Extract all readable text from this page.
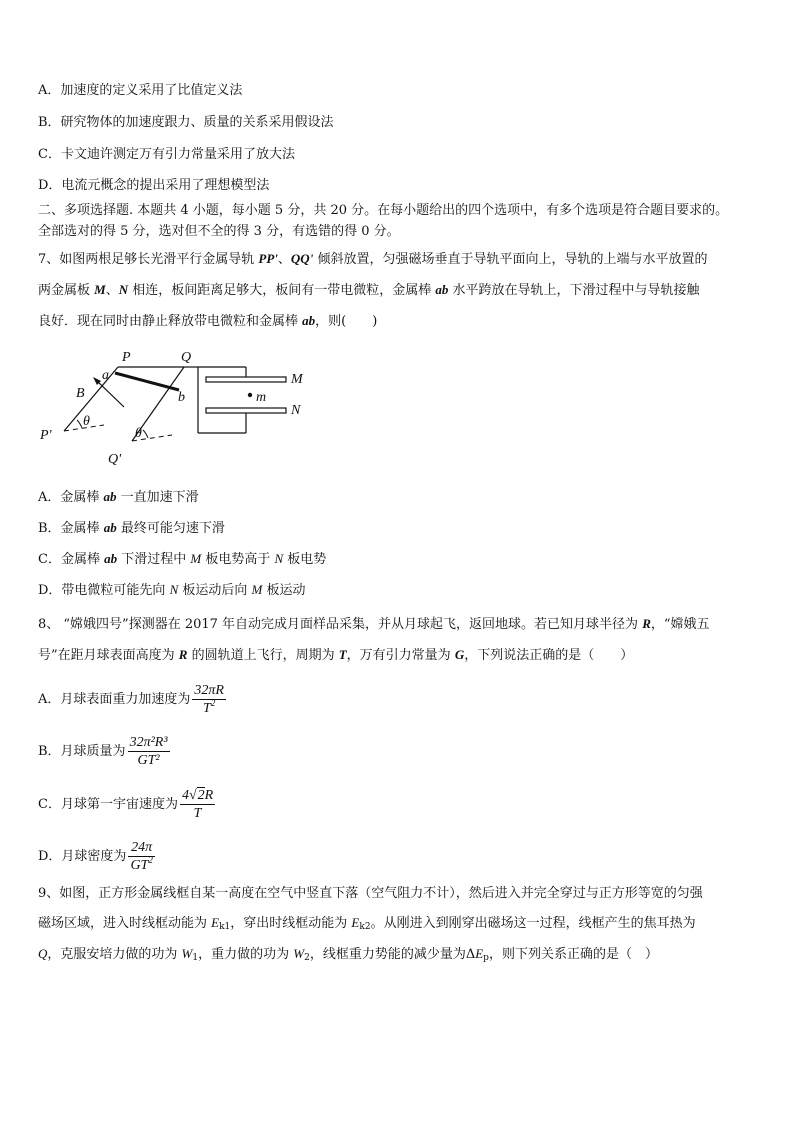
A．加速度的定义采用了比值定义法
B．研究物体的加速度跟力、质量的关系采用假设法
C．卡文迪许测定万有引力常量采用了放大法
D．电流元概念的提出采用了理想模型法
二、多项选择题. 本题共 4 小题，每小题 5 分，共 20 分。在每小题给出的四个选项中，有多个选项是符合题目要求的。
全部选对的得 5 分，选对但不全的得 3 分，有选错的得 0 分。
7、如图两根足够长光滑平行金属导轨 PP'、QQ' 倾斜放置，匀强磁场垂直于导轨平面向上，导轨的上端与水平放置的
两金属板 M、N 相连，板间距离足够大，板间有一带电微粒，金属棒 ab 水平跨放在导轨上，下滑过程中与导轨接触
良好．现在同时由静止释放带电微粒和金属棒 ab，则(　　)
P	Q
a
b
B
M
N
m
P'
Q'
θ
θ
A．金属棒 ab 一直加速下滑
B．金属棒 ab 最终可能匀速下滑
C．金属棒 ab 下滑过程中 M 板电势高于 N 板电势
D．带电微粒可能先向 N 板运动后向 M 板运动
8、 “嫦娥四号”探测器在 2017 年自动完成月面样品采集，并从月球起飞，返回地球。若已知月球半径为 R，“嫦娥五
号”在距月球表面高度为 R 的圆轨道上飞行，周期为 T，万有引力常量为 G，下列说法正确的是（　　）
A．月球表面重力加速度为 $\frac{32\pi R}{T^2}$
B．月球质量为 $\frac{\text{32π²R³}}{\text{GT²}}$
C．月球第一宇宙速度为 $\frac{4√2R}{T}$
D．月球密度为 $\frac{24\pi}{GT^2}$
9、如图，正方形金属线框自某一高度在空气中竖直下落（空气阻力不计），然后进入并完全穿过与正方形等宽的匀强
磁场区域，进入时线框动能为 $E_{k1}$，穿出时线框动能为 $E_{k2}$。从刚进入到刚穿出磁场这一过程，线框产生的焦耳热为
Q，克服安培力做的功为 $W_1$，重力做的功为 $W_2$，线框重力势能的减少量为$\Delta E_p$，则下列关系正确的是（　）
